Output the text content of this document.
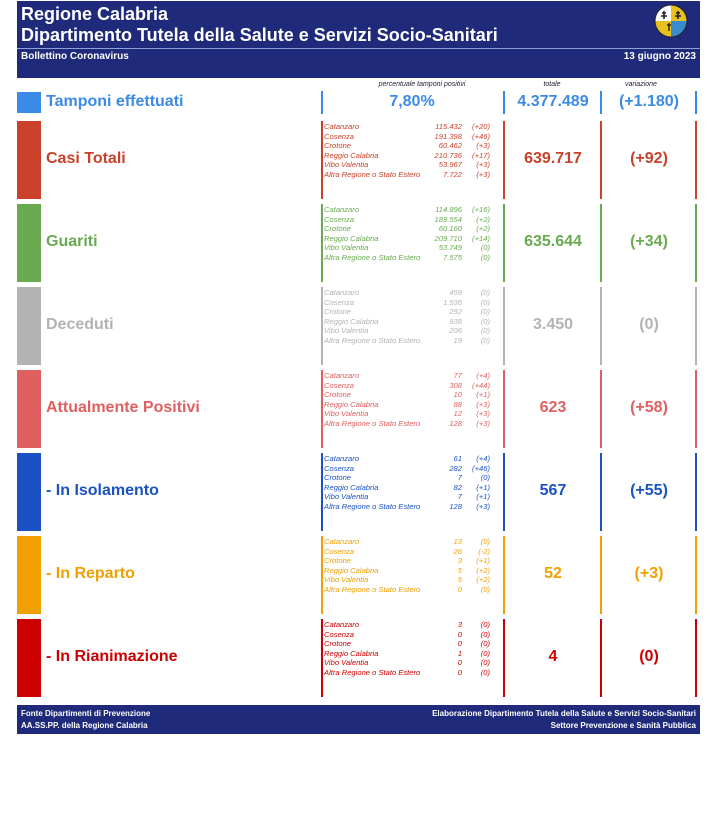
Regione Calabria
Dipartimento Tutela della Salute e Servizi Socio-Sanitari
Bollettino Coronavirus	13 giugno 2023
percentuale tamponi positivi	totale	variazione
Tamponi effettuati	7,80%	4.377.489	(+1.180)
Casi Totali
Catanzaro	115.432	(+20)
Cosenza	191.398	(+46)
Crotone	60.462	(+3)
Reggio Calabria	210.736	(+17)
Vibo Valentia	53.967	(+3)
Altra Regione o Stato Estero	7.722	(+3)
639.717	(+92)
Guariti
Catanzaro	114.896	(+16)
Cosenza	189.554	(+2)
Crotone	60.160	(+2)
Reggio Calabria	209.710	(+14)
Vibo Valentia	53.749	(0)
Altra Regione o Stato Estero	7.575	(0)
635.644	(+34)
Deceduti
Catanzaro	459	(0)
Cosenza	1.536	(0)
Crotone	292	(0)
Reggio Calabria	938	(0)
Vibo Valentia	206	(0)
Altra Regione o Stato Estero	19	(0)
3.450	(0)
Attualmente Positivi
Catanzaro	77	(+4)
Cosenza	308	(+44)
Crotone	10	(+1)
Reggio Calabria	88	(+3)
Vibo Valentia	12	(+3)
Altra Regione o Stato Estero	128	(+3)
623	(+58)
- In Isolamento
Catanzaro	61	(+4)
Cosenza	282	(+46)
Crotone	7	(0)
Reggio Calabria	82	(+1)
Vibo Valentia	7	(+1)
Altra Regione o Stato Estero	128	(+3)
567	(+55)
- In Reparto
Catanzaro	13	(0)
Cosenza	26	(-2)
Crotone	3	(+1)
Reggio Calabria	5	(+2)
Vibo Valentia	5	(+2)
Altra Regione o Stato Estero	0	(0)
52	(+3)
- In Rianimazione
Catanzaro	3	(0)
Cosenza	0	(0)
Crotone	0	(0)
Reggio Calabria	1	(0)
Vibo Valentia	0	(0)
Altra Regione o Stato Estero	0	(0)
4	(0)
Fonte Dipartimenti di Prevenzione
AA.SS.PP. della Regione Calabria
Elaborazione Dipartimento Tutela della Salute e Servizi Socio-Sanitari
Settore Prevenzione e Sanità Pubblica
